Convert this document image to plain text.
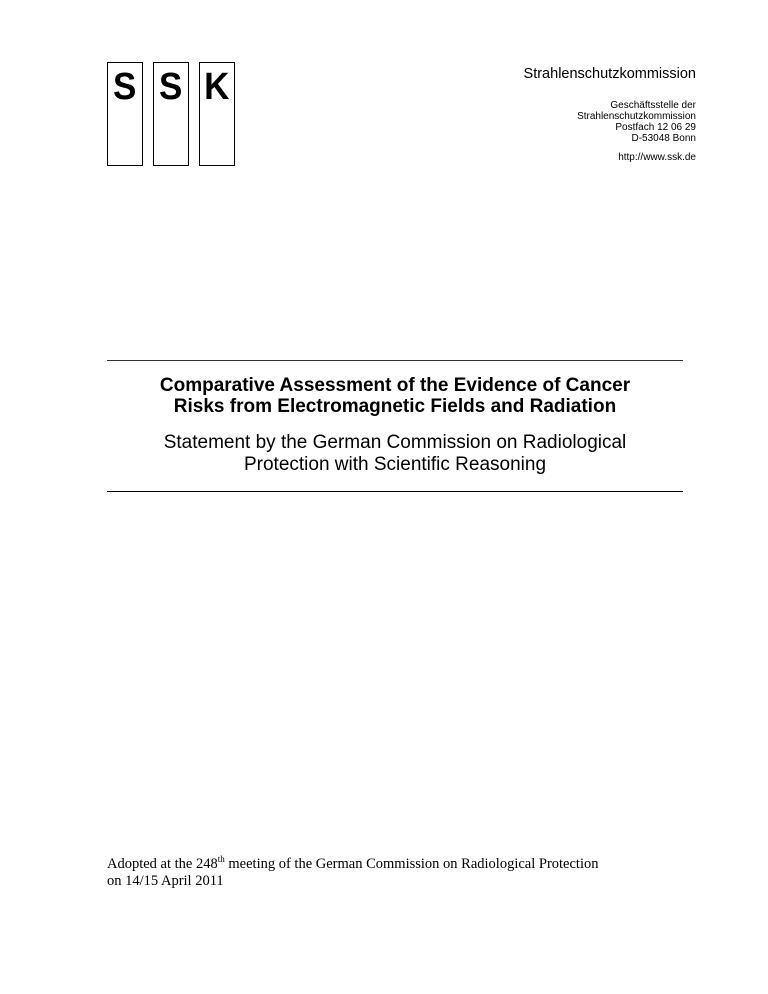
S S K	Strahlenschutzkommission
Geschäftsstelle der
Strahlenschutzkommission
Postfach 12 06 29
D-53048 Bonn
http://www.ssk.de
Comparative Assessment of the Evidence of Cancer
Risks from Electromagnetic Fields and Radiation
Statement by the German Commission on Radiological
Protection with Scientific Reasoning
Adopted at the 248th meeting of the German Commission on Radiological Protection
on 14/15 April 2011
